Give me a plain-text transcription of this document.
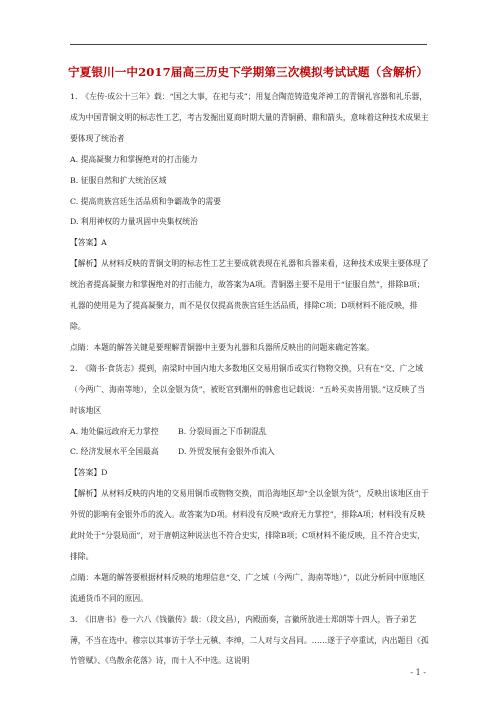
宁夏银川一中2017届高三历史下学期第三次模拟考试试题（含解析）

1.　《左传·成公十三年》载：“国之大事，在祀与戎”；用复合陶范铸造鬼斧神工的青铜礼容器和礼乐器，成为中国青铜文明的标志性工艺，考古发掘出夏商时期大量的青铜爵、鼎和箭头，意味着这种技术成果主要体现了统治者

A. 提高凝聚力和掌握绝对的打击能力

B. 征服自然和扩大统治区域

C. 提高贵族宫廷生活品质和争霸战争的需要

D. 利用神权的力量巩固中央集权统治

【答案】A

【解析】从材料反映的青铜文明的标志性工艺主要成就表现在礼器和兵器来看，这种技术成果主要体现了统治者提高凝聚力和掌握绝对的打击能力，故答案为A项。青铜器主要不是用于“征服自然”，排除B项；礼器的使用是为了提高凝聚力，而不是仅仅提高贵族宫廷生活品质，排除C项；D项材料不能反映，排除。

点睛：本题的解答关键是要理解青铜器中主要为礼器和兵器所反映出的问题来确定答案。

2.　《隋书·食货志》提到，南梁时中国内地大多数地区交易用铜币或实行物物交换，只有在“交、广之域（今两广、海南等地），全以金银为货”，被贬官到潮州的韩愈也记载说：“五岭买卖皆用银。”这反映了当时该地区

A. 地处偏远政府无力掌控	B. 分裂局面之下币制混乱
C. 经济发展水平全国最高	D. 外贸发展有金银外币流入

【答案】D

【解析】从材料反映的内地的交易用铜币或物物交换，而沿海地区却“全以金银为货”，反映出该地区由于外贸的影响有金银外币的流入。故答案为D项。材料没有反映“政府无力掌控”，排除A项；材料没有反映此时处于“分裂局面”，对于唐朝这种说法也不符合史实，排除B项；C项材料不能反映，且不符合史实，排除。

点睛：本题的解答要根据材料反映的地理信息“交、广之域（今两广、海南等地）”，以此分析同中原地区流通货币不同的原因。

3.　《旧唐书》卷一六八《钱徽传》载：（段文昌），内殿面奏，言徽所放进士郑朗等十四人，皆子弟艺薄，不当在选中。穆宗以其事访于学士元稹、李绅，二人对与文昌同。……遂于子亭重试，内出题目《孤竹管赋》、《鸟散余花落》诗，而十人不中选。这说明

- 1 -
